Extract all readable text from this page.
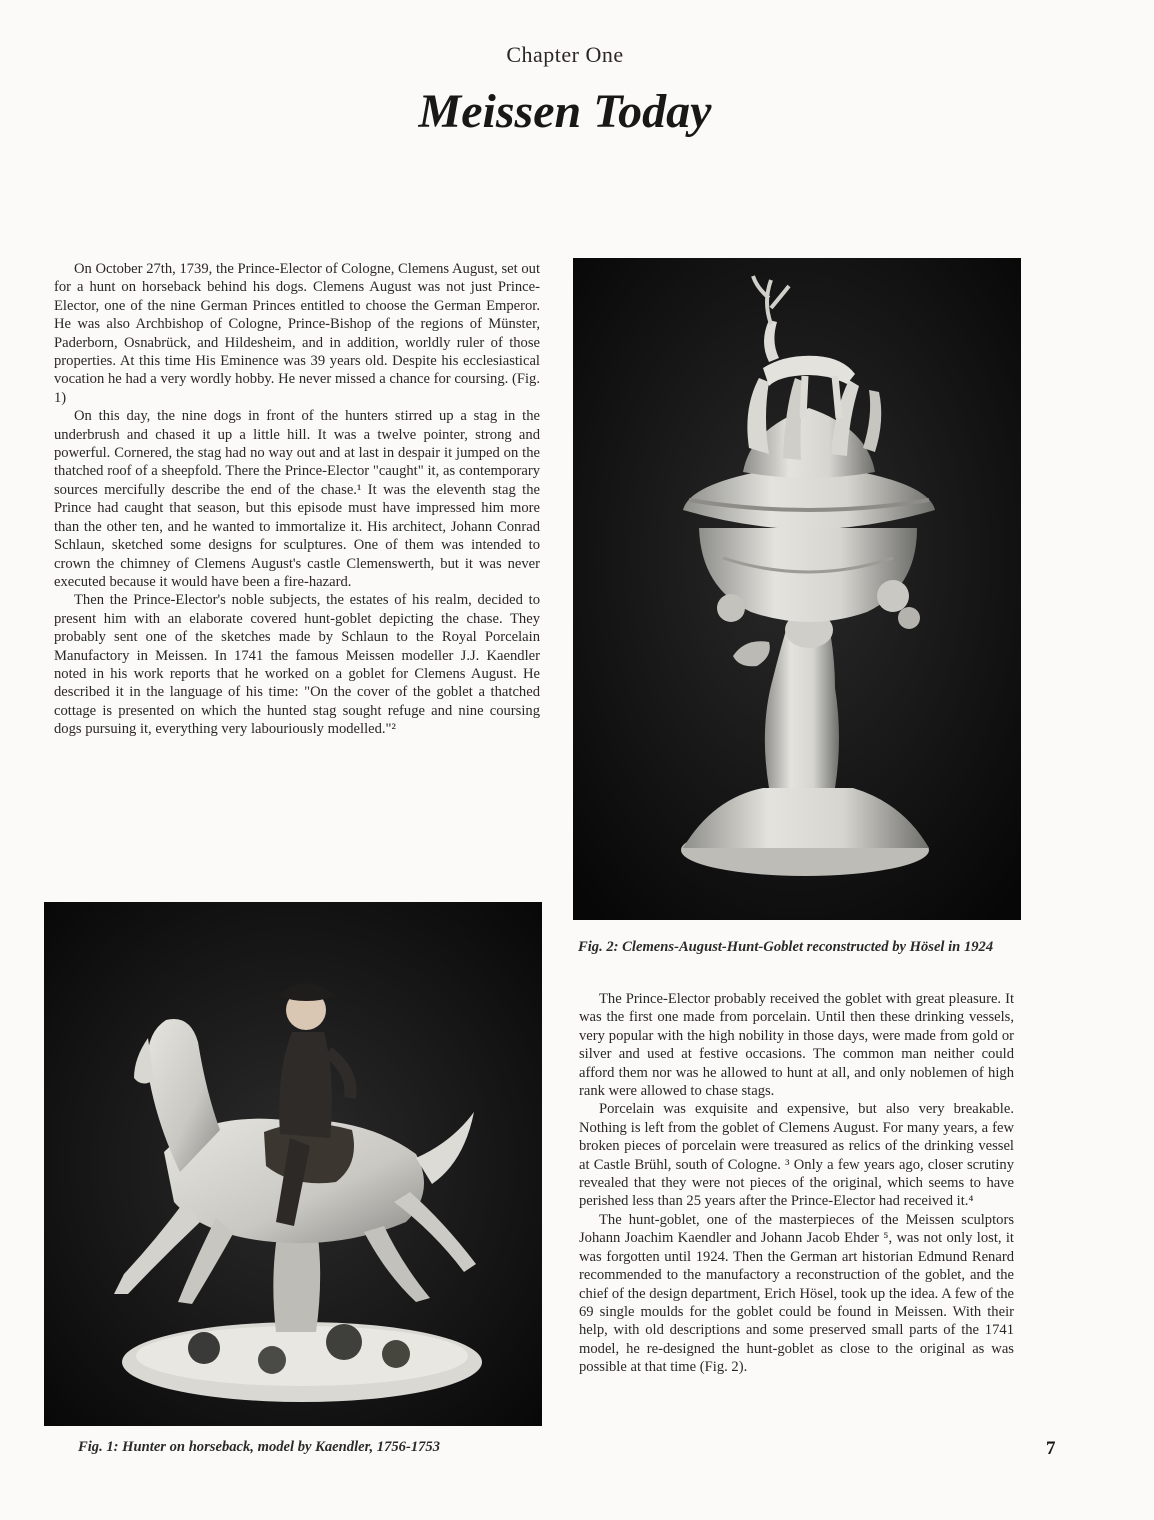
Chapter One
Meissen Today

On October 27th, 1739, the Prince-Elector of Cologne, Clemens August, set out for a hunt on horseback behind his dogs. Clemens August was not just Prince-Elector, one of the nine German Princes entitled to choose the German Emperor. He was also Archbishop of Cologne, Prince-Bishop of the regions of Münster, Paderborn, Osnabrück, and Hildesheim, and in addition, worldly ruler of those properties. At this time His Eminence was 39 years old. Despite his ecclesiastical vocation he had a very wordly hobby. He never missed a chance for coursing. (Fig. 1)

On this day, the nine dogs in front of the hunters stirred up a stag in the underbrush and chased it up a little hill. It was a twelve pointer, strong and powerful. Cornered, the stag had no way out and at last in despair it jumped on the thatched roof of a sheepfold. There the Prince-Elector "caught" it, as contemporary sources mercifully describe the end of the chase.¹ It was the eleventh stag the Prince had caught that season, but this episode must have impressed him more than the other ten, and he wanted to immortalize it. His architect, Johann Conrad Schlaun, sketched some designs for sculptures. One of them was intended to crown the chimney of Clemens August's castle Clemenswerth, but it was never executed because it would have been a fire-hazard.

Then the Prince-Elector's noble subjects, the estates of his realm, decided to present him with an elaborate covered hunt-goblet depicting the chase. They probably sent one of the sketches made by Schlaun to the Royal Porcelain Manufactory in Meissen. In 1741 the famous Meissen modeller J.J. Kaendler noted in his work reports that he worked on a goblet for Clemens August. He described it in the language of his time: "On the cover of the goblet a thatched cottage is presented on which the hunted stag sought refuge and nine coursing dogs pursuing it, everything very labouriously modelled."²

Fig. 2: Clemens-August-Hunt-Goblet reconstructed by Hösel in 1924

The Prince-Elector probably received the goblet with great pleasure. It was the first one made from porcelain. Until then these drinking vessels, very popular with the high nobility in those days, were made from gold or silver and used at festive occasions. The common man neither could afford them nor was he allowed to hunt at all, and only noblemen of high rank were allowed to chase stags.

Porcelain was exquisite and expensive, but also very breakable. Nothing is left from the goblet of Clemens August. For many years, a few broken pieces of porcelain were treasured as relics of the drinking vessel at Castle Brühl, south of Cologne. ³ Only a few years ago, closer scrutiny revealed that they were not pieces of the original, which seems to have perished less than 25 years after the Prince-Elector had received it.⁴

The hunt-goblet, one of the masterpieces of the Meissen sculptors Johann Joachim Kaendler and Johann Jacob Ehder ⁵, was not only lost, it was forgotten until 1924. Then the German art historian Edmund Renard recommended to the manufactory a reconstruction of the goblet, and the chief of the design department, Erich Hösel, took up the idea. A few of the 69 single moulds for the goblet could be found in Meissen. With their help, with old descriptions and some preserved small parts of the 1741 model, he re-designed the hunt-goblet as close to the original as was possible at that time (Fig. 2).

Fig. 1: Hunter on horseback, model by Kaendler, 1756-1753	7
